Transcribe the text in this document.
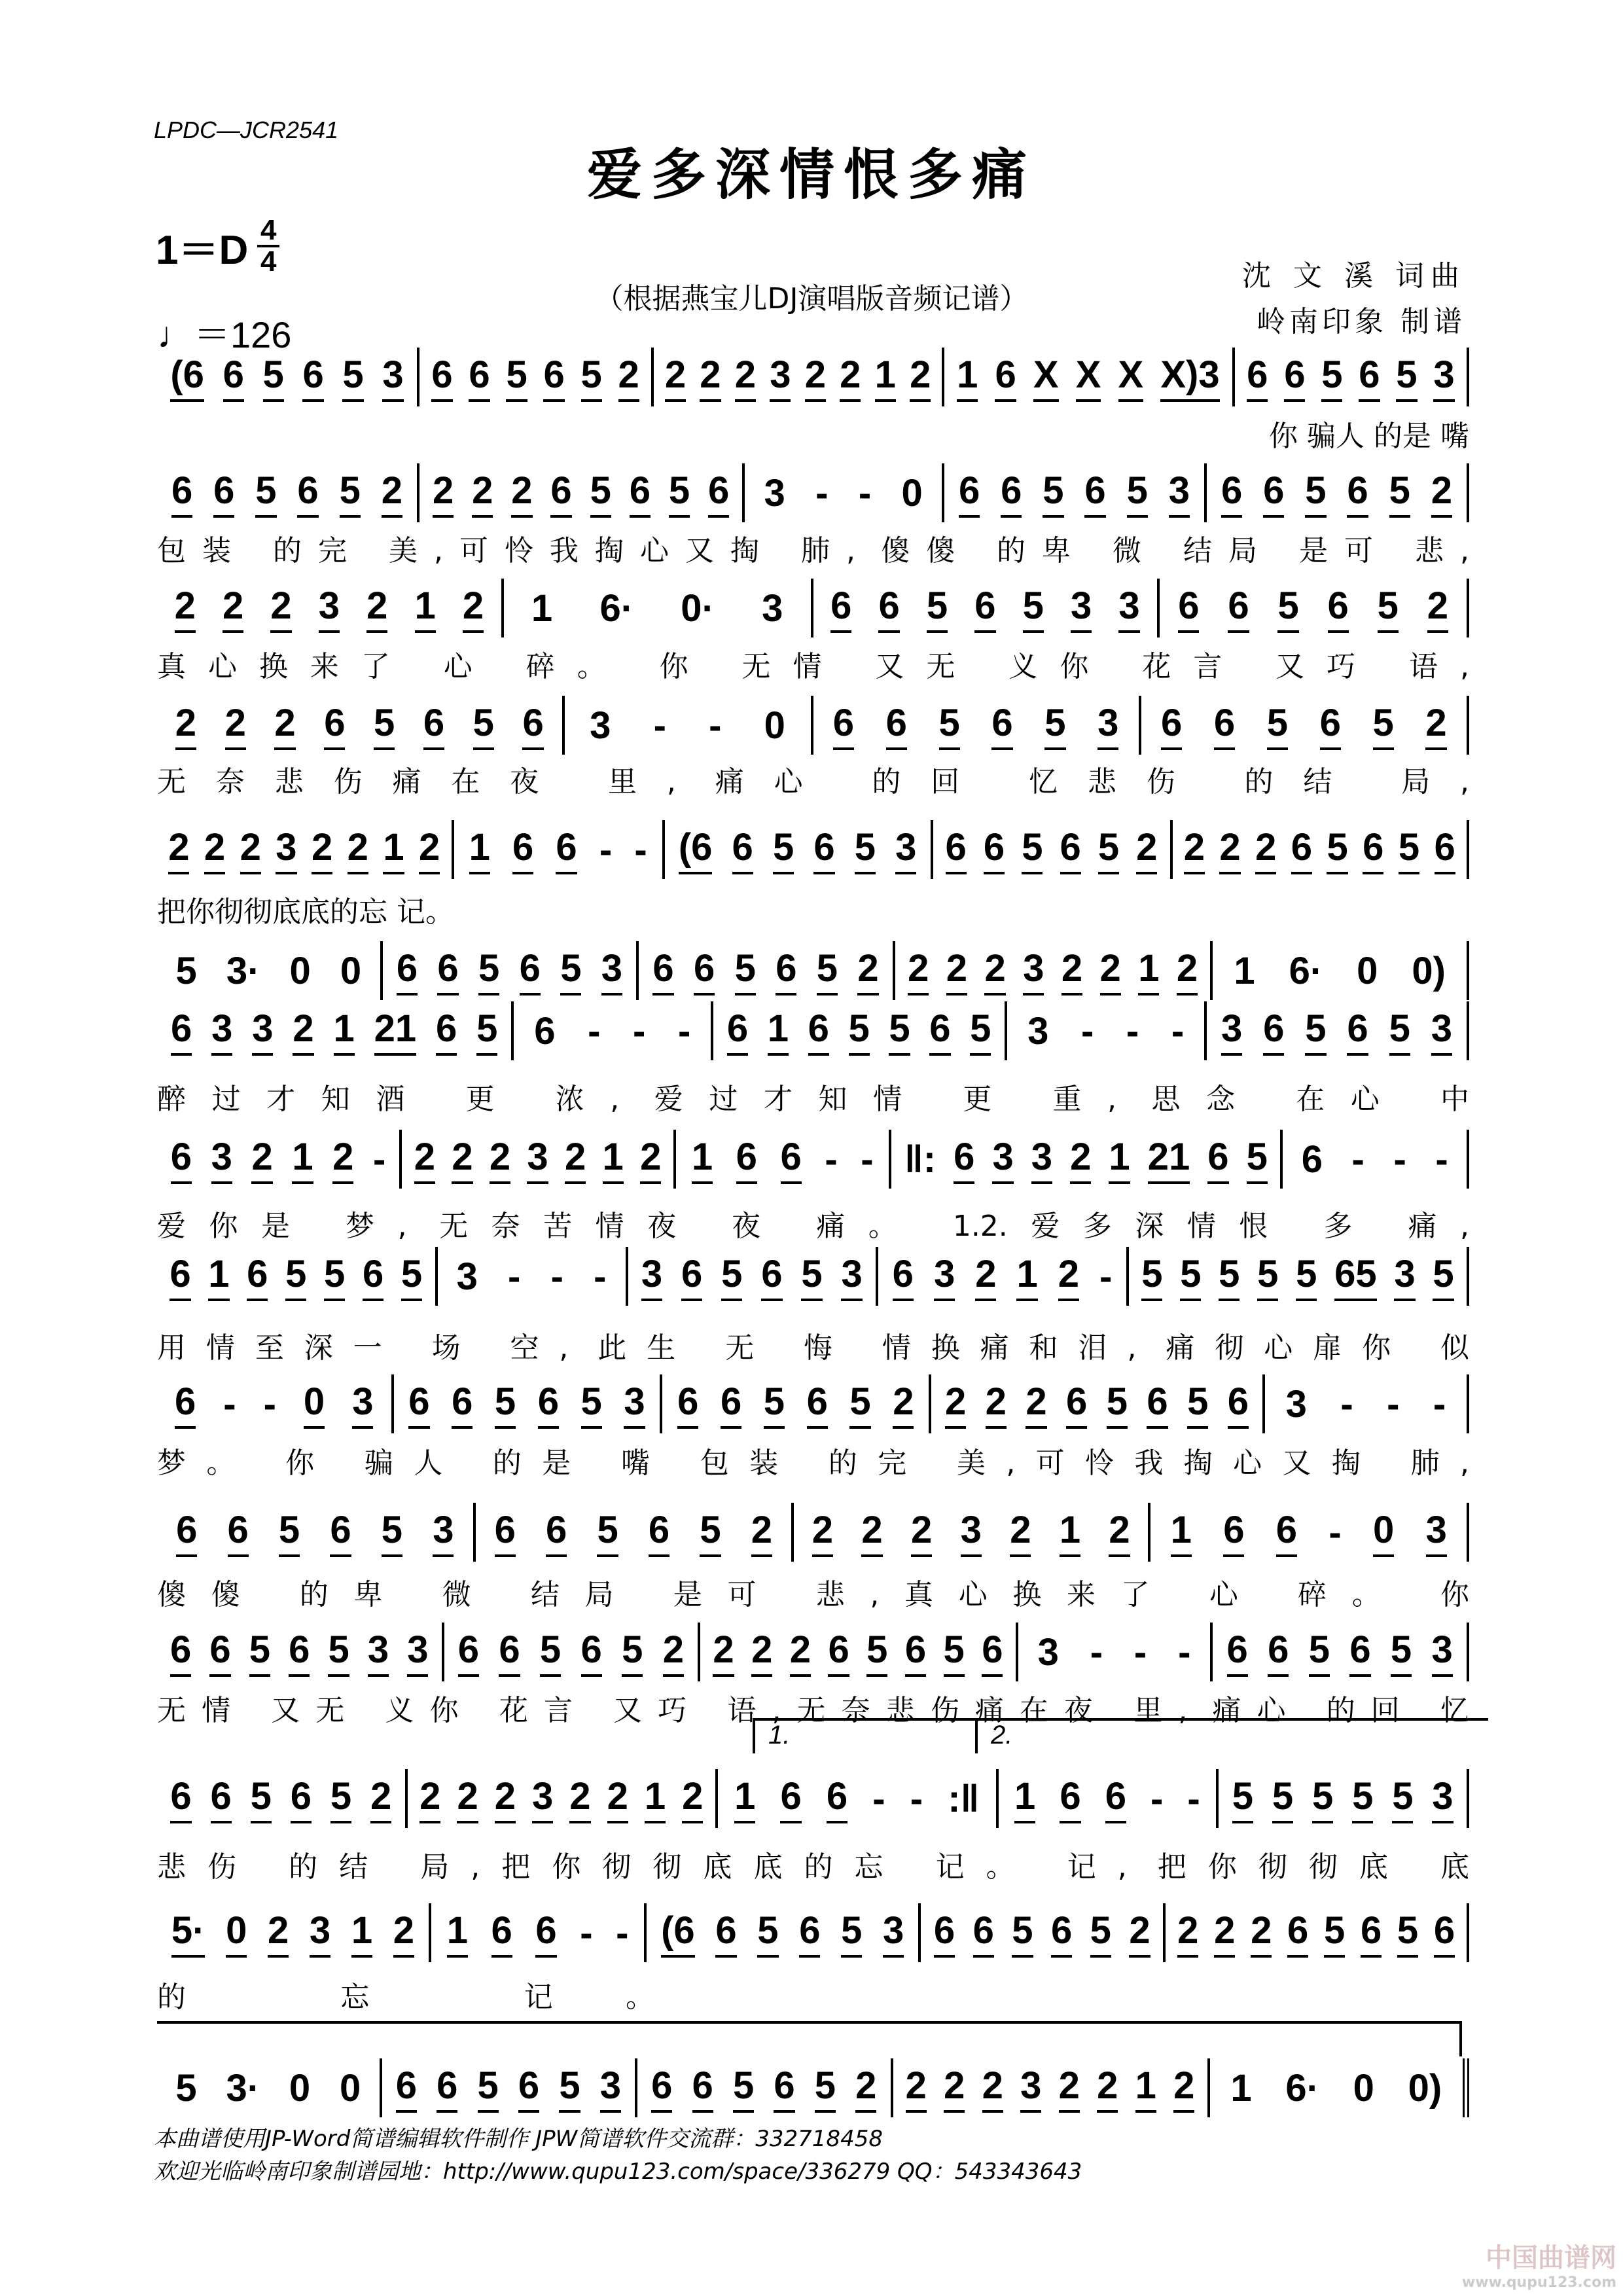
LPDC—JCR2541
爱多深情恨多痛
$1=D \frac{4}{4}$
♩＝126
（根据燕宝儿DJ演唱版音频记谱）
沈 文 溪 词曲
岭南印象 制谱
(6 6 5 6 5 3 6 6 5 6 5 2 2 2 2 3 2 2 1 2 1 6 X X X X)3 6 6 5 6 5 3
你 骗人 的是 嘴
6 6 5 6 5 2 2 2 2 6 5 6 5 6 3 - - 0 6 6 5 6 5 3 6 6 5 6 5 2
包装 的完 美,可怜我掏心又掏 肺, 傻傻 的卑 微 结局 是可 悲,
2 2 2 3 2 1 2 1 6· 0· 3 6 6 5 6 5 3 3 6 6 5 6 5 2
真心换来了 心 碎。 你 无情 又无 义你 花言 又巧 语,
2 2 2 6 5 6 5 6 3 - - 0 6 6 5 6 5 3 6 6 5 6 5 2
无奈悲伤痛在夜 里, 痛心 的回 忆悲伤 的结 局,
2 2 2 3 2 2 1 2 1 6 6 - - (6 6 5 6 5 3 6 6 5 6 5 2 2 2 2 6 5 6 5 6
把你彻彻底底的忘 记。
5 3· 0 0 6 6 5 6 5 3 6 6 5 6 5 2 2 2 2 3 2 2 1 2 1 6· 0 0)
6 3 3 2 1 21 6 5 6 - - - 6 1 6 5 5 6 5 3 - - - 3 6 5 6 5 3
醉过才知酒 更 浓, 爱过才知情 更 重, 思念 在心 中
6 3 2 1 2 - 2 2 2 3 2 1 2 1 6 6 - - ‖: 6 3 3 2 1 21 6 5 6 - - -
爱你是 梦, 无奈苦情夜 夜 痛。 1.2.爱多深情恨 多 痛,
6 1 6 5 5 6 5 3 - - - 3 6 5 6 5 3 6 3 2 1 2 - 5 5 5 5 5 65 3 5
用情至深一 场 空, 此生 无 悔 情换痛和泪, 痛彻心扉你 似
6 - - 0 3 6 6 5 6 5 3 6 6 5 6 5 2 2 2 2 6 5 6 5 6 3 - - -
梦。 你 骗人 的是 嘴 包装 的完 美,可怜我掏心又掏 肺,
6 6 5 6 5 3 6 6 5 6 5 2 2 2 2 3 2 1 2 1 6 6 - 0 3
傻傻 的卑 微 结局 是可 悲,真心换来了 心 碎。 你
6 6 5 6 5 3 3 6 6 5 6 5 2 2 2 2 6 5 6 5 6 3 - - - 6 6 5 6 5 3
无情 又无 义你 花言 又巧 语,无奈悲伤痛在夜 里, 痛心 的回 忆
6 6 5 6 5 2 2 2 2 3 2 2 1 2 1 6 6 - - :‖ 1 6 6 - - 5 5 5 5 5 3
1.	2.
悲伤 的结 局,把你彻彻底底的忘 记。 记, 把你彻彻底 底
5· 0 2 3 1 2 1 6 6 - - (6 6 5 6 5 3 6 6 5 6 5 2 2 2 2 6 5 6 5 6
的 忘 记。
5 3· 0 0 6 6 5 6 5 3 6 6 5 6 5 2 2 2 2 3 2 2 1 2 1 6· 0 0)
本曲谱使用JP-Word简谱编辑软件制作 JPW简谱软件交流群：332718458
欢迎光临岭南印象制谱园地：http://www.qupu123.com/space/336279 QQ：543343643
中国曲谱网
www.qupu123.com
